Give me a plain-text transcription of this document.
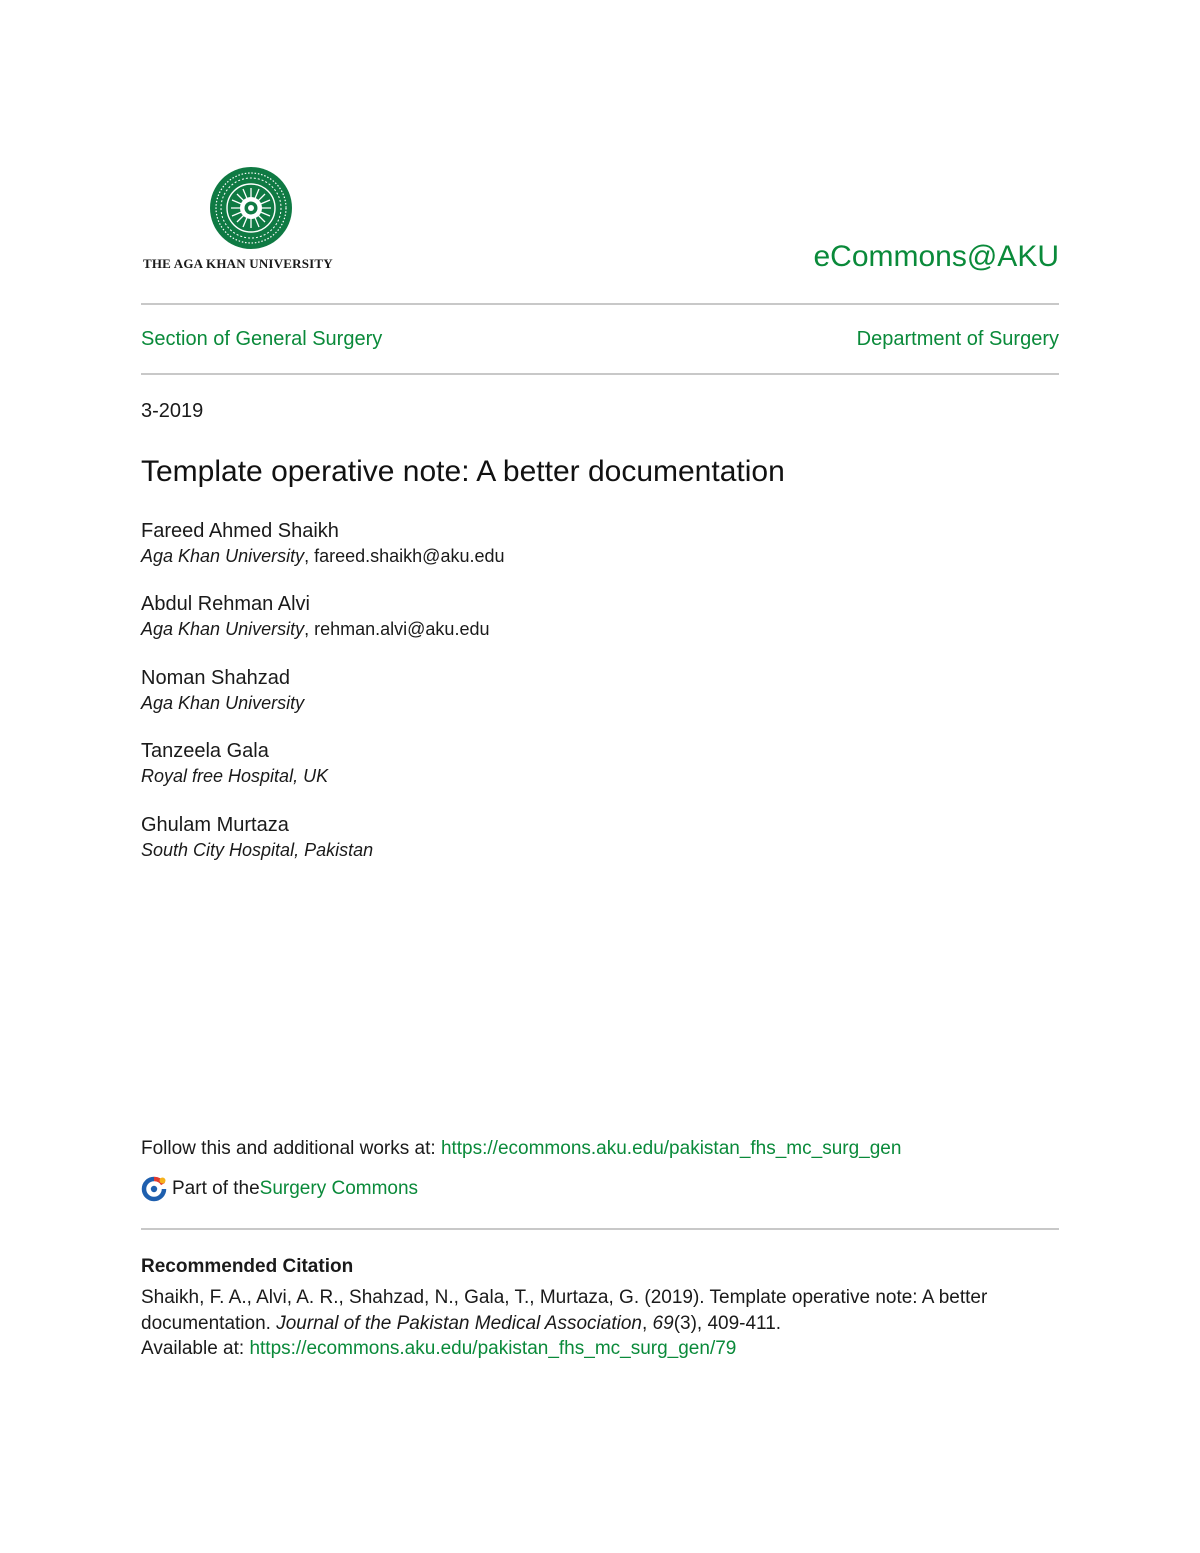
THE AGA KHAN UNIVERSITY	eCommons@AKU
Section of General Surgery	Department of Surgery
3-2019
Template operative note: A better documentation
Fareed Ahmed Shaikh
Aga Khan University, fareed.shaikh@aku.edu
Abdul Rehman Alvi
Aga Khan University, rehman.alvi@aku.edu
Noman Shahzad
Aga Khan University
Tanzeela Gala
Royal free Hospital, UK
Ghulam Murtaza
South City Hospital, Pakistan
Follow this and additional works at: https://ecommons.aku.edu/pakistan_fhs_mc_surg_gen
Part of the Surgery Commons
Recommended Citation
Shaikh, F. A., Alvi, A. R., Shahzad, N., Gala, T., Murtaza, G. (2019). Template operative note: A better documentation. Journal of the Pakistan Medical Association, 69(3), 409-411.
Available at: https://ecommons.aku.edu/pakistan_fhs_mc_surg_gen/79
